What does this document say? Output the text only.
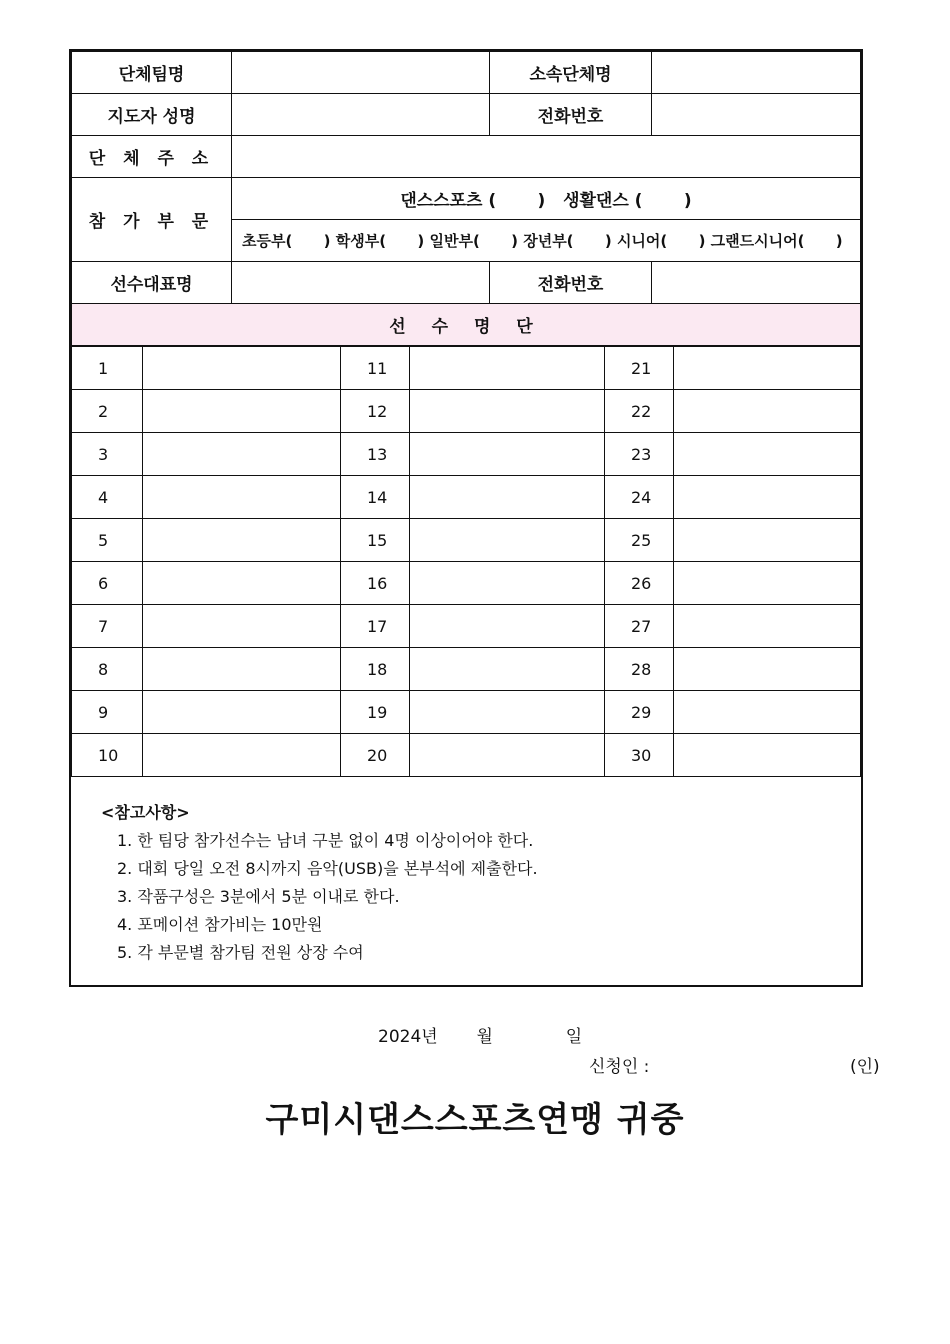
단체팀명		소속단체명	
지도자 성명		전화번호	
단 체 주 소			
참 가 부 문	댄스스포츠 (       )   생활댄스 (       )		
	초등부(      ) 학생부(      ) 일반부(      ) 장년부(      ) 시니어(      ) 그랜드시니어(      )		
선수대표명		전화번호	
선 수 명 단			
1		11		21	
2		12		22	
3		13		23	
4		14		24	
5		15		25	
6		16		26	
7		17		27	
8		18		28	
9		19		29	
10		20		30	
<참고사항>
1. 한 팀당 참가선수는 남녀 구분 없이 4명 이상이어야 한다.
2. 대회 당일 오전 8시까지 음악(USB)을 본부석에 제출한다.
3. 작품구성은 3분에서 5분 이내로 한다.
4. 포메이션 참가비는 10만원
5. 각 부문별 참가팀 전원 상장 수여
2024년 월	일
신청인 :	(인)
구미시댄스스포츠연맹 귀중
